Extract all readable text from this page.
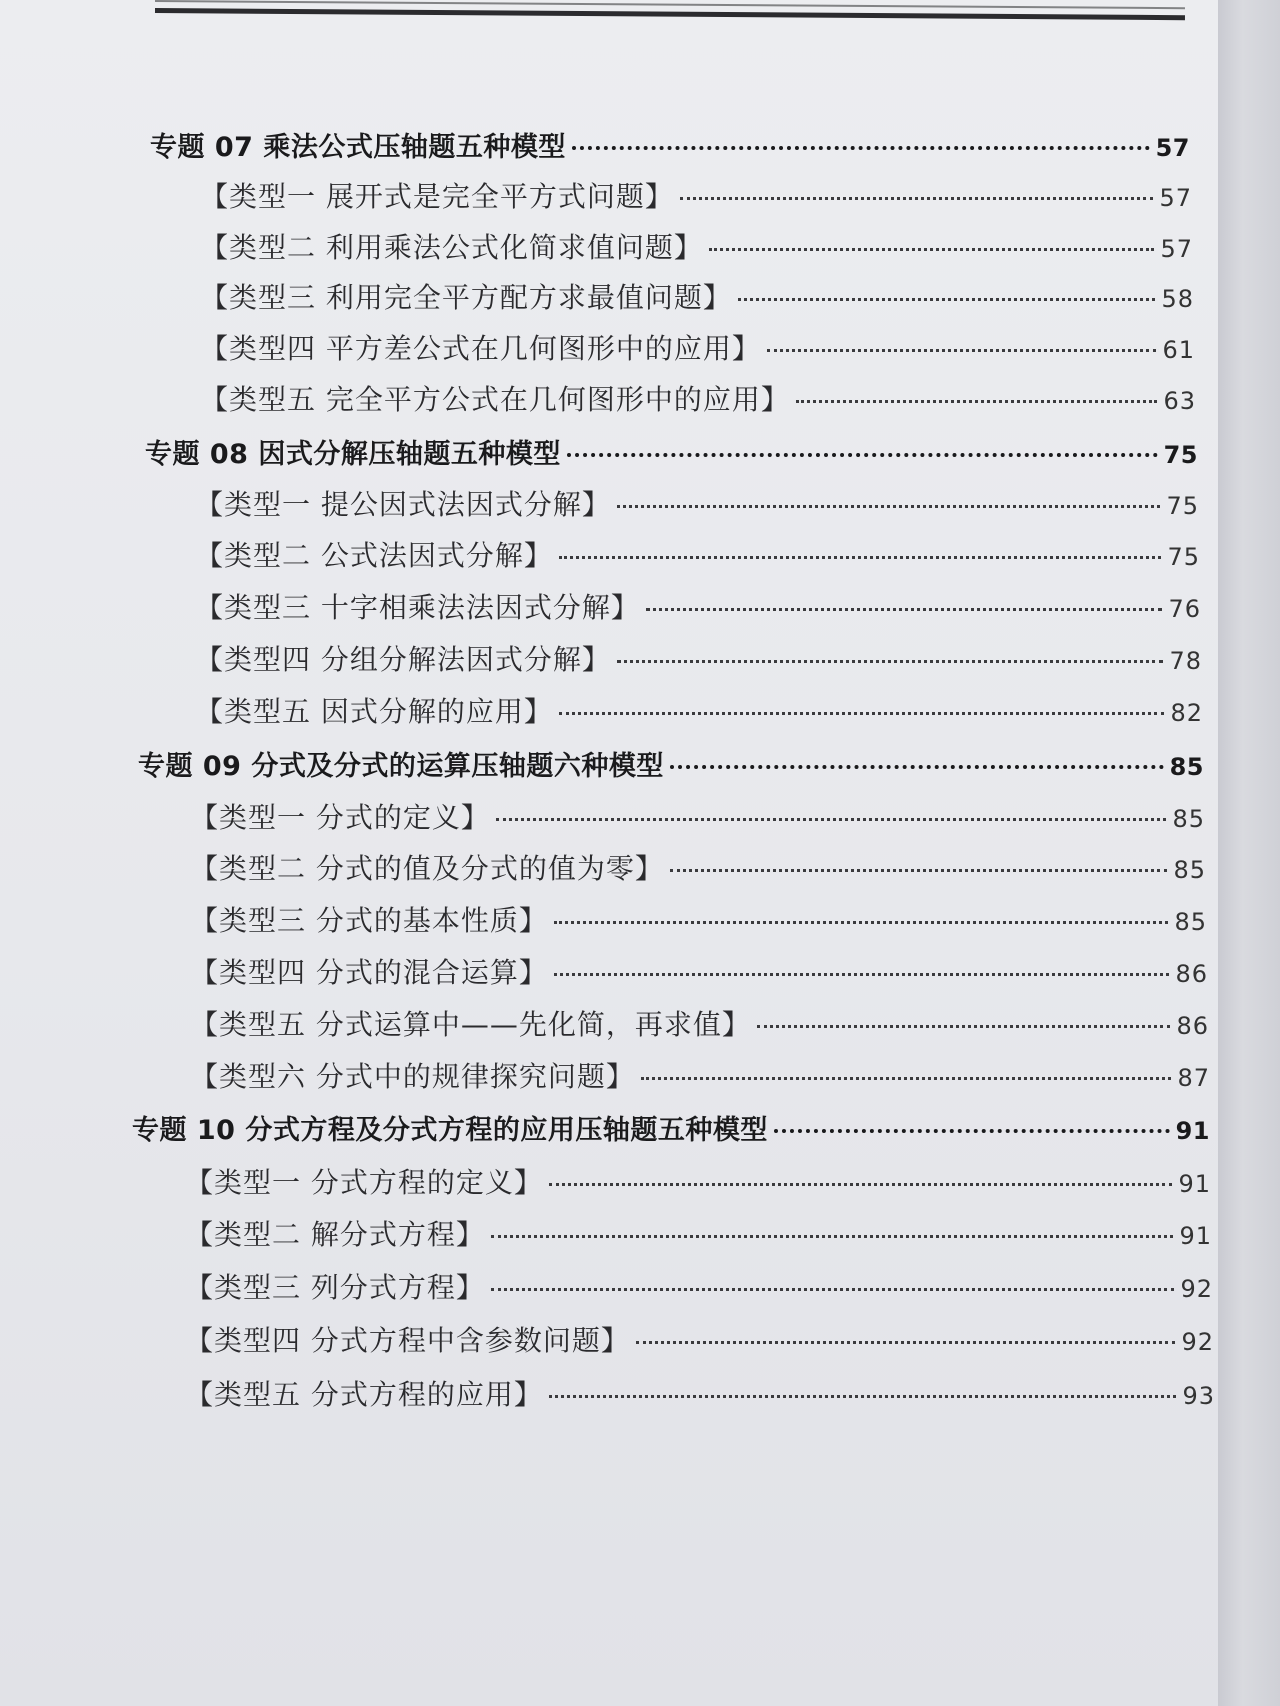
专题 07 乘法公式压轴题五种模型	57
【类型一 展开式是完全平方式问题】	57
【类型二 利用乘法公式化简求值问题】	57
【类型三 利用完全平方配方求最值问题】	58
【类型四 平方差公式在几何图形中的应用】	61
【类型五 完全平方公式在几何图形中的应用】	63
专题 08 因式分解压轴题五种模型	75
【类型一 提公因式法因式分解】	75
【类型二 公式法因式分解】	75
【类型三 十字相乘法法因式分解】	76
【类型四 分组分解法因式分解】	78
【类型五 因式分解的应用】	82
专题 09 分式及分式的运算压轴题六种模型	85
【类型一 分式的定义】	85
【类型二 分式的值及分式的值为零】	85
【类型三 分式的基本性质】	85
【类型四 分式的混合运算】	86
【类型五 分式运算中——先化简，再求值】	86
【类型六 分式中的规律探究问题】	87
专题 10 分式方程及分式方程的应用压轴题五种模型	91
【类型一 分式方程的定义】	91
【类型二 解分式方程】	91
【类型三 列分式方程】	92
【类型四 分式方程中含参数问题】	92
【类型五 分式方程的应用】	93
